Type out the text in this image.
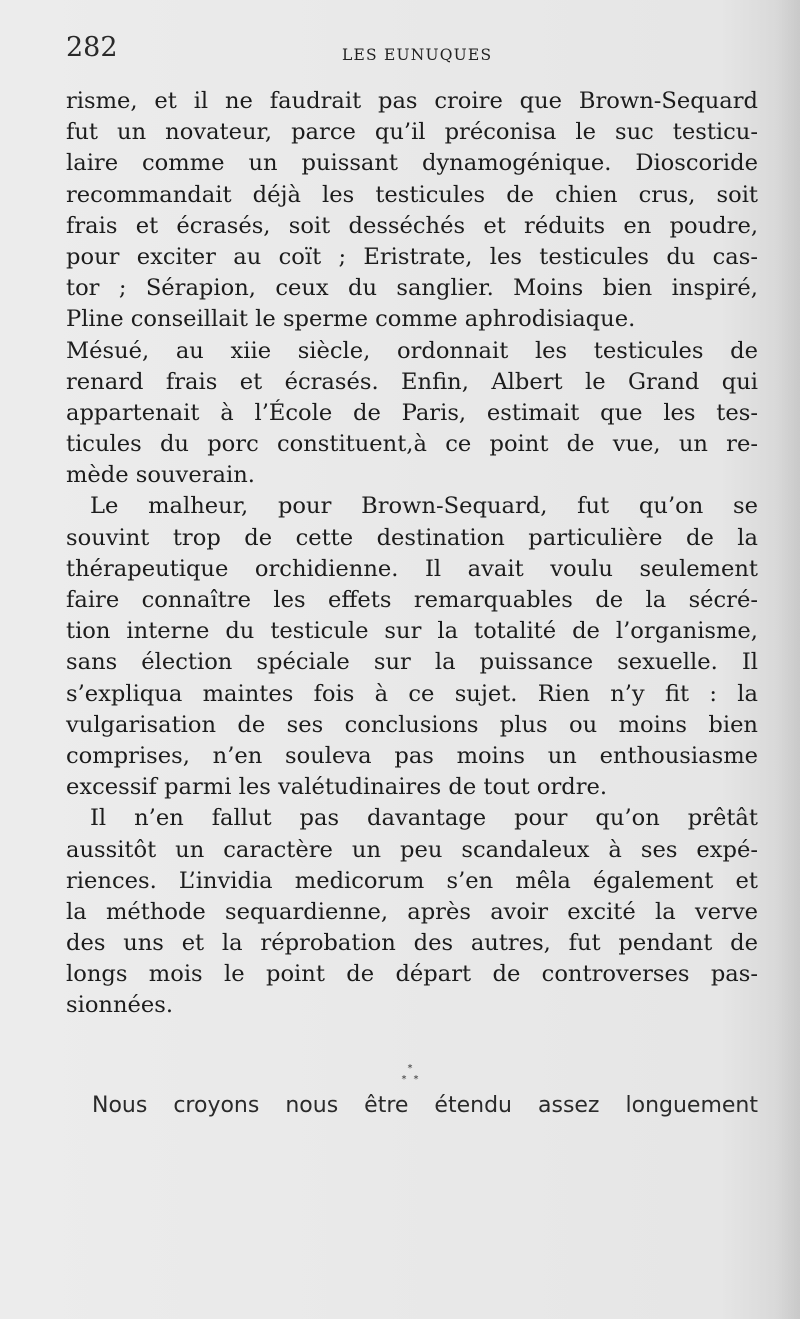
282	LES EUNUQUES
risme, et il ne faudrait pas croire que Brown-Sequard
fut un novateur, parce qu’il préconisa le suc testicu-
laire comme un puissant dynamogénique. Dioscoride
recommandait déjà les testicules de chien crus, soit
frais et écrasés, soit desséchés et réduits en poudre,
pour exciter au coït ; Eristrate, les testicules du cas-
tor ; Sérapion, ceux du sanglier. Moins bien inspiré,
Pline conseillait le sperme comme aphrodisiaque.
Mésué, au xiie siècle, ordonnait les testicules de
renard frais et écrasés. Enfin, Albert le Grand qui
appartenait à l’École de Paris, estimait que les tes-
ticules du porc constituent,à ce point de vue, un re-
mède souverain.
Le malheur, pour Brown-Sequard, fut qu’on se
souvint trop de cette destination particulière de la
thérapeutique orchidienne. Il avait voulu seulement
faire connaître les effets remarquables de la sécré-
tion interne du testicule sur la totalité de l’organisme,
sans élection spéciale sur la puissance sexuelle. Il
s’expliqua maintes fois à ce sujet. Rien n’y fit : la
vulgarisation de ses conclusions plus ou moins bien
comprises, n’en souleva pas moins un enthousiasme
excessif parmi les valétudinaires de tout ordre.
Il n’en fallut pas davantage pour qu’on prêtât
aussitôt un caractère un peu scandaleux à ses expé-
riences. L’invidia medicorum s’en mêla également et
la méthode sequardienne, après avoir excité la verve
des uns et la réprobation des autres, fut pendant de
longs mois le point de départ de controverses pas-
sionnées.
*
* *
Nous croyons nous être étendu assez longuement
